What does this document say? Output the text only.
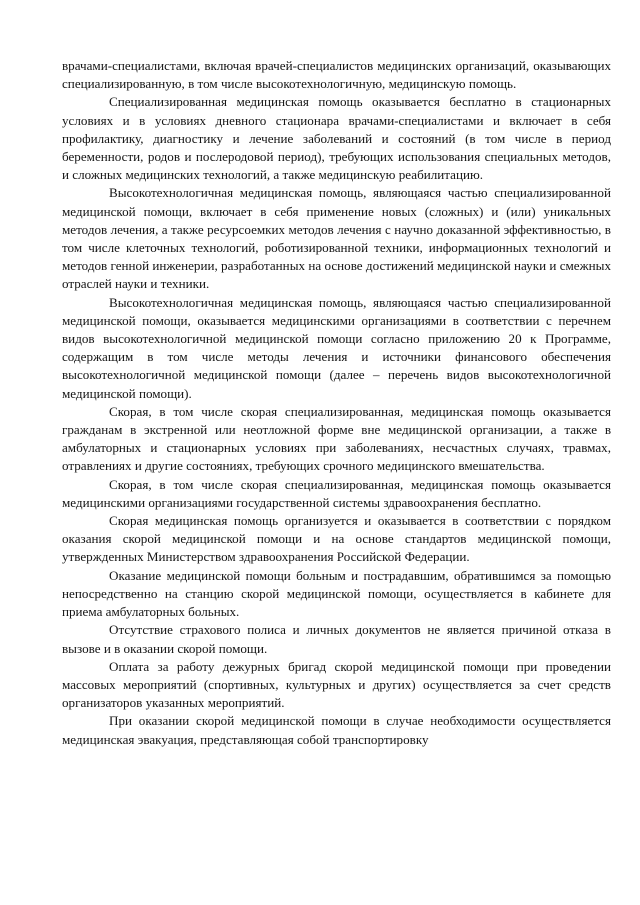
врачами-специалистами, включая врачей-специалистов медицинских организаций, оказывающих специализированную, в том числе высокотехнологичную, медицинскую помощь.

Специализированная медицинская помощь оказывается бесплатно в стационарных условиях и в условиях дневного стационара врачами-специалистами и включает в себя профилактику, диагностику и лечение заболеваний и состояний (в том числе в период беременности, родов и послеродовой период), требующих использования специальных методов, и сложных медицинских технологий, а также медицинскую реабилитацию.

Высокотехнологичная медицинская помощь, являющаяся частью специализированной медицинской помощи, включает в себя применение новых (сложных) и (или) уникальных методов лечения, а также ресурсоемких методов лечения с научно доказанной эффективностью, в том числе клеточных технологий, роботизированной техники, информационных технологий и методов генной инженерии, разработанных на основе достижений медицинской науки и смежных отраслей науки и техники.

Высокотехнологичная медицинская помощь, являющаяся частью специализированной медицинской помощи, оказывается медицинскими организациями в соответствии с перечнем видов высокотехнологичной медицинской помощи согласно приложению 20 к Программе, содержащим в том числе методы лечения и источники финансового обеспечения высокотехнологичной медицинской помощи (далее – перечень видов высокотехнологичной медицинской помощи).

Скорая, в том числе скорая специализированная, медицинская помощь оказывается гражданам в экстренной или неотложной форме вне медицинской организации, а также в амбулаторных и стационарных условиях при заболеваниях, несчастных случаях, травмах, отравлениях и другие состояниях, требующих срочного медицинского вмешательства.

Скорая, в том числе скорая специализированная, медицинская помощь оказывается медицинскими организациями государственной системы здравоохранения бесплатно.

Скорая медицинская помощь организуется и оказывается в соответствии с порядком оказания скорой медицинской помощи и на основе стандартов медицинской помощи, утвержденных Министерством здравоохранения Российской Федерации.

Оказание медицинской помощи больным и пострадавшим, обратившимся за помощью непосредственно на станцию скорой медицинской помощи, осуществляется в кабинете для приема амбулаторных больных.

Отсутствие страхового полиса и личных документов не является причиной отказа в вызове и в оказании скорой помощи.

Оплата за работу дежурных бригад скорой медицинской помощи при проведении массовых мероприятий (спортивных, культурных и других) осуществляется за счет средств организаторов указанных мероприятий.

При оказании скорой медицинской помощи в случае необходимости осуществляется медицинская эвакуация, представляющая собой транспортировку
